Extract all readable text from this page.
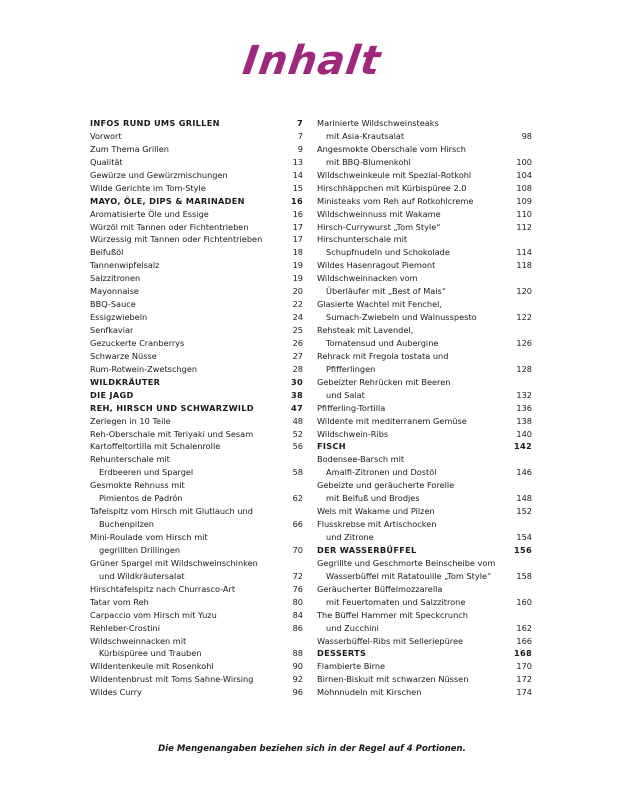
Inhalt
INFOS RUND UMS GRILLEN	7
Vorwort	7
Zum Thema Grillen	9
Qualität	13
Gewürze und Gewürzmischungen	14
Wilde Gerichte im Tom-Style	15
MAYO, ÖLE, DIPS & MARINADEN	16
Aromatisierte Öle und Essige	16
Würzöl mit Tannen oder Fichtentrieben	17
Würzessig mit Tannen oder Fichtentrieben	17
Beifußöl	18
Tannenwipfelsalz	19
Salzzitronen	19
Mayonnaise	20
BBQ-Sauce	22
Essigzwiebeln	24
Senfkaviar	25
Gezuckerte Cranberrys	26
Schwarze Nüsse	27
Rum-Rotwein-Zwetschgen	28
WILDKRÄUTER	30
DIE JAGD	38
REH, HIRSCH UND SCHWARZWILD	47
Zerlegen in 10 Teile	48
Reh-Oberschale mit Teriyaki und Sesam	52
Kartoffeltortilla mit Schalenrolle	56
Rehunterschale mit
Erdbeeren und Spargel	58
Gesmokte Rehnuss mit
Pimientos de Padrón	62
Tafelspitz vom Hirsch mit Glutlauch und
Buchenpilzen	66
Mini-Roulade vom Hirsch mit
gegrillten Drillingen	70
Grüner Spargel mit Wildschweinschinken
und Wildkräutersalat	72
Hirschtafelspitz nach Churrasco-Art	76
Tatar vom Reh	80
Carpaccio vom Hirsch mit Yuzu	84
Rehleber-Crostini	86
Wildschweinnacken mit
Kürbispüree und Trauben	88
Wildentenkeule mit Rosenkohl	90
Wildentenbrust mit Toms Sahne-Wirsing	92
Wildes Curry	96
Marinierte Wildschweinsteaks
mit Asia-Krautsalat	98
Angesmokte Oberschale vom Hirsch
mit BBQ-Blumenkohl	100
Wildschweinkeule mit Spezial-Rotkohl	104
Hirschhäppchen mit Kürbispüree 2.0	108
Ministeaks vom Reh auf Rotkohlcreme	109
Wildschweinnuss mit Wakame	110
Hirsch-Currywurst „Tom Style“	112
Hirschunterschale mit
Schupfnudeln und Schokolade	114
Wildes Hasenragout Piemont	118
Wildschweinnacken vom
Überläufer mit „Best of Mais“	120
Glasierte Wachtel mit Fenchel,
Sumach-Zwiebeln und Walnusspesto	122
Rehsteak mit Lavendel,
Tomatensud und Aubergine	126
Rehrack mit Fregola tostata und
Pfifferlingen	128
Gebeizter Rehrücken mit Beeren
und Salat	132
Pfifferling-Tortilla	136
Wildente mit mediterranem Gemüse	138
Wildschwein-Ribs	140
FISCH	142
Bodensee-Barsch mit
Amalfi-Zitronen und Dostöl	146
Gebeizte und geräucherte Forelle
mit Beifuß und Brodjes	148
Wels mit Wakame und Pilzen	152
Flusskrebse mit Artischocken
und Zitrone	154
DER WASSERBÜFFEL	156
Gegrillte und Geschmorte Beinscheibe vom
Wasserbüffel mit Ratatouille „Tom Style“	158
Geräucherter Büffelmozzarella
mit Feuertomaten und Salzzitrone	160
The Büffel Hammer mit Speckcrunch
und Zucchini	162
Wasserbüffel-Ribs mit Selleriepüree	166
DESSERTS	168
Flambierte Birne	170
Birnen-Biskuit mit schwarzen Nüssen	172
Mohnnudeln mit Kirschen	174
Die Mengenangaben beziehen sich in der Regel auf 4 Portionen.
